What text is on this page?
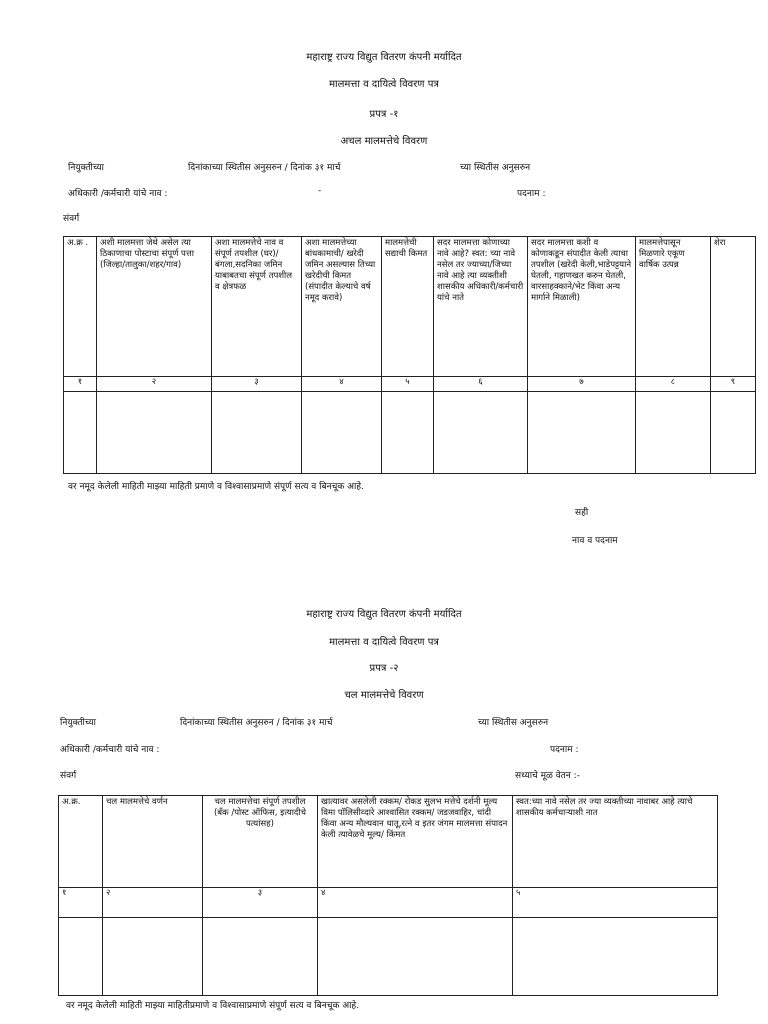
महाराष्ट्र राज्य विद्युत वितरण कंपनी मर्यादित
मालमत्ता व दायित्वे विवरण पत्र
प्रपत्र -१
अचल मालमत्तेचे विवरण
नियुक्तीच्या	दिनांकाच्या स्थितीस अनुसरुन / दिनांक ३१ मार्च	च्या स्थितीस अनुसरुन
अधिकारी /कर्मचारी यांचे नाव :	-	पदनाम :
संवर्ग
अ.क्र .	अशी मालमत्ता जेथे असेल त्या ठिकाणाचा पोस्टाचा संपूर्ण पत्ता (जिल्हा/तालुका/शहर/गाव)	अशा मालमत्तेचे नाव व संपूर्ण तपशील (घर)/ बंगला,सदनिका जमिन याबाबतचा संपूर्ण तपशील व क्षेत्रफळ	अशा मालमत्तेच्या बांधकामाची/ खरेदी जमिन असल्यास तिच्या खरेदीची किमत (संपादीत केल्याचे वर्ष नमूद करावे)	मालमत्तेची सद्याची किमत	सदर मालमत्ता कोणाच्या नावे आहे? स्वत: च्या नावे नसेल तर ज्याच्या/जिच्या नावे आहे त्या व्यक्तीशी शासकीय अधिकारी/कर्मचारी यांचे नाते	सदर मालमत्ता कशी व कोणाकडून संपादीत केली त्याचा तपशील (खरेदी केली,भाडेपट्टयाने घेतली, गहाणखत करुन घेतली, वारसाहक्काने/भेट किंवा अन्य मार्गाने मिळाली)	मालमत्तेपासून मिळणारे एकूण वार्षिक उत्पन्न	शेरा
१	२	३	४	५	६	७	८	९

वर नमूद केलेली माहिती माझ्या माहिती प्रमाणे व विश्वासाप्रमाणे संपूर्ण सत्य व बिनचूक आहे.
सही
नाव व पदनाम
महाराष्ट्र राज्य विद्युत वितरण कंपनी मर्यादित
मालमत्ता व दायित्वे विवरण पत्र
प्रपत्र -२
चल मालमत्तेचे विवरण
नियुक्तीच्या	दिनांकाच्या स्थितीस अनुसरुन / दिनांक ३१ मार्च	च्या स्थितीस अनुसरुन
अधिकारी /कर्मचारी यांचे नाव :	पदनाम :
संवर्ग	सध्याचे मूळ वेतन :-
अ.क्र.	चल मालमत्तेचे वर्णन	चल मालमत्तेचा संपूर्ण तपशील (बँक /पोस्ट ऑफिस, इत्यादीचे पत्यांसह)	खात्यावर असलेली रक्कम/ रोकड सुलभ मत्तेचे दर्शनी मूल्य विमा पॉलिसीव्दारे आश्वासित रक्कम/ जडजवाहिर, चांदी किंवा अन्य मौल्यवान धातू,रत्ने व इतर जंगम मालमत्ता संपादन केली त्यावेळचे मूल्य/ किंमत	स्वत:च्या नावे नसेल तर ज्या व्यक्तीच्या नावाबर आहे त्याचे शासकीय कर्मचाऱ्याशी नात
१	२	३	४	५

वर नमूद केलेली माहिती माझ्या माहितीप्रमाणे व विश्वासाप्रमाणे संपूर्ण सत्य व बिनचूक आहे.
